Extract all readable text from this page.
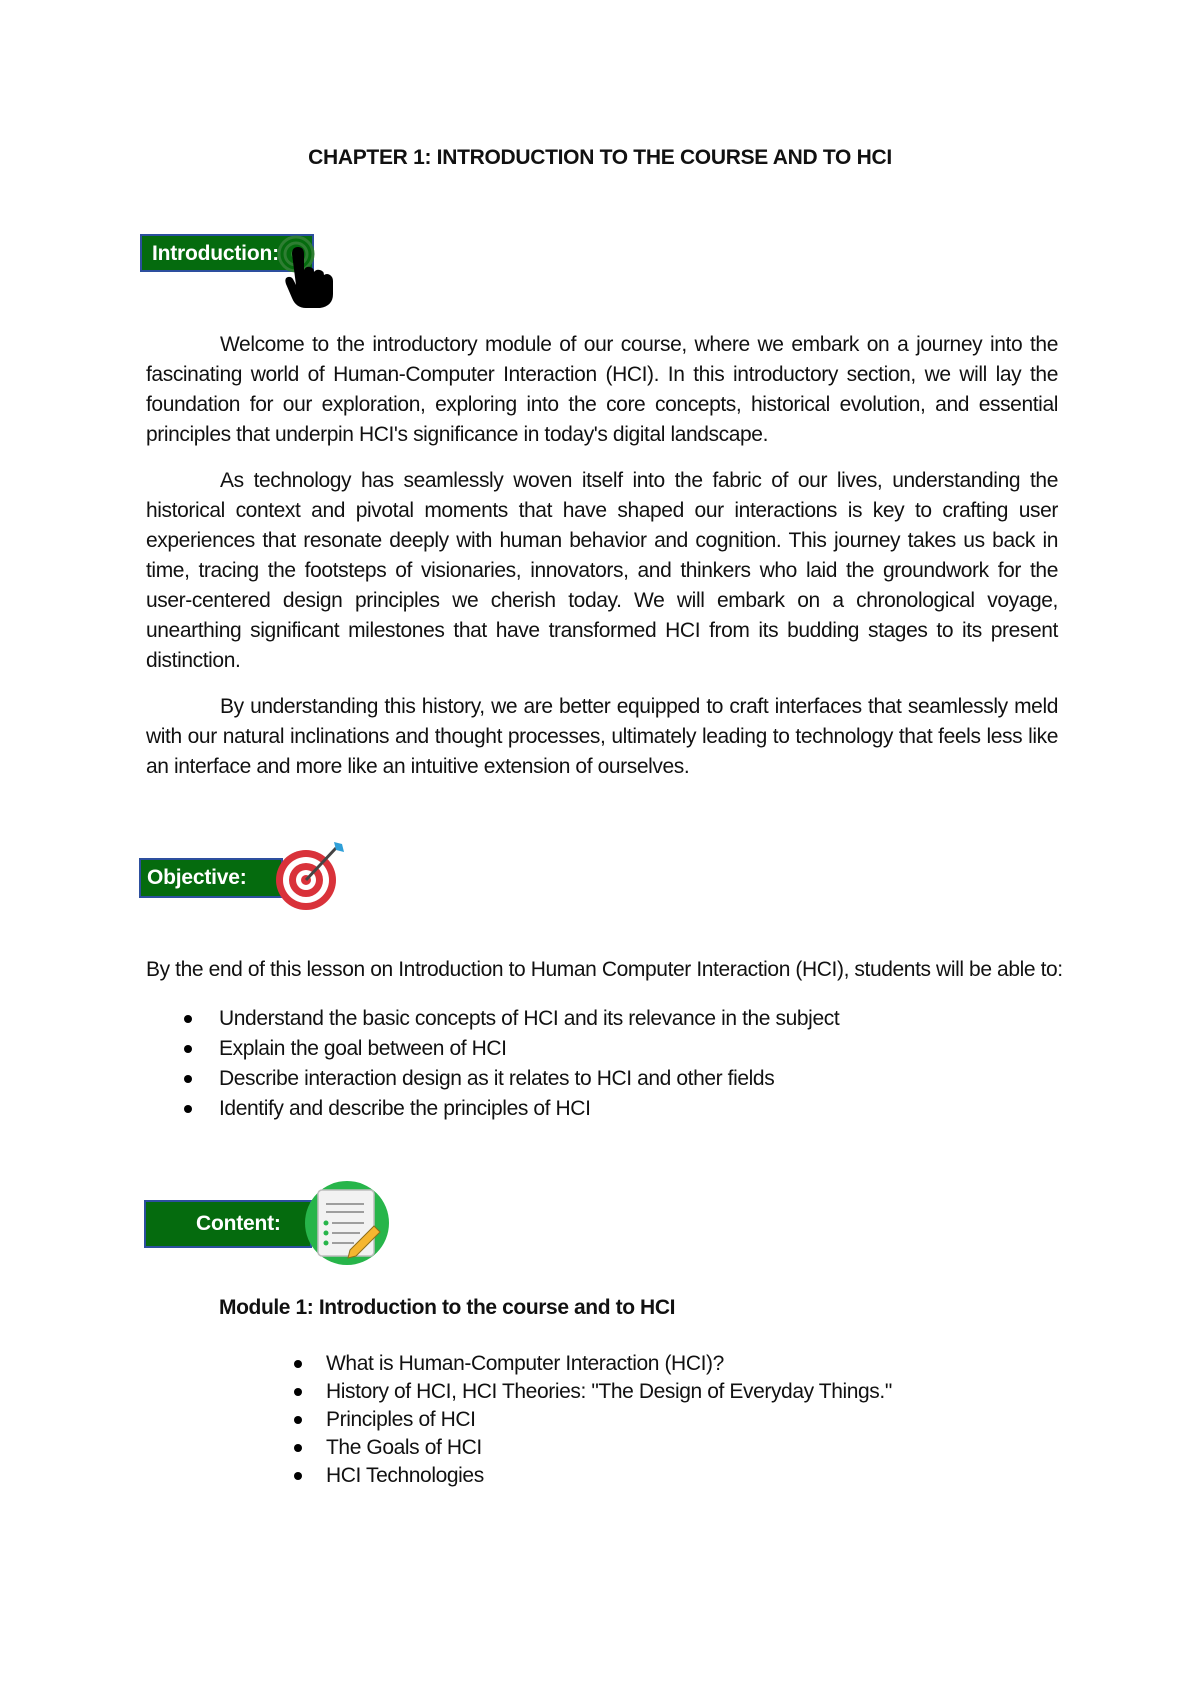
CHAPTER 1: INTRODUCTION TO THE COURSE AND TO HCI
Introduction:

Welcome to the introductory module of our course, where we embark on a journey into the fascinating world of Human-Computer Interaction (HCI). In this introductory section, we will lay the foundation for our exploration, exploring into the core concepts, historical evolution, and essential principles that underpin HCI's significance in today's digital landscape.

As technology has seamlessly woven itself into the fabric of our lives, understanding the historical context and pivotal moments that have shaped our interactions is key to crafting user experiences that resonate deeply with human behavior and cognition. This journey takes us back in time, tracing the footsteps of visionaries, innovators, and thinkers who laid the groundwork for the user-centered design principles we cherish today. We will embark on a chronological voyage, unearthing significant milestones that have transformed HCI from its budding stages to its present distinction.

By understanding this history, we are better equipped to craft interfaces that seamlessly meld with our natural inclinations and thought processes, ultimately leading to technology that feels less like an interface and more like an intuitive extension of ourselves.

Objective:
By the end of this lesson on Introduction to Human Computer Interaction (HCI), students will be able to:
Understand the basic concepts of HCI and its relevance in the subject
Explain the goal between of HCI
Describe interaction design as it relates to HCI and other fields
Identify and describe the principles of HCI
Content:
Module 1: Introduction to the course and to HCI
What is Human-Computer Interaction (HCI)?
History of HCI, HCI Theories: "The Design of Everyday Things."
Principles of HCI
The Goals of HCI
HCI Technologies
